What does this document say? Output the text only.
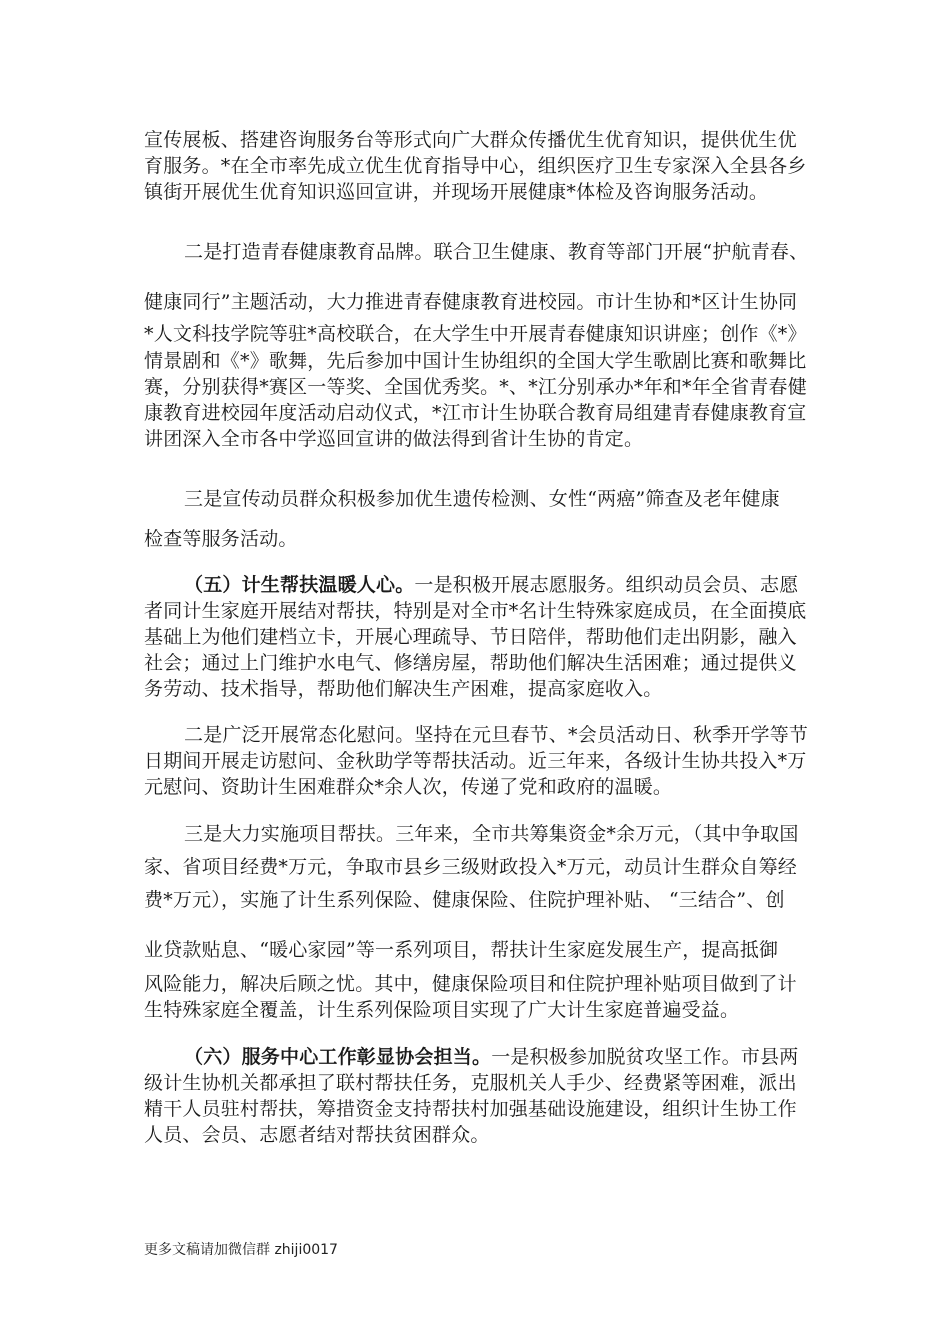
宣传展板、搭建咨询服务台等形式向广大群众传播优生优育知识，提供优生优
育服务。*在全市率先成立优生优育指导中心，组织医疗卫生专家深入全县各乡
镇街开展优生优育知识巡回宣讲，并现场开展健康*体检及咨询服务活动。
二是打造青春健康教育品牌。联合卫生健康、教育等部门开展“护航青春、
健康同行”主题活动，大力推进青春健康教育进校园。市计生协和*区计生协同
*人文科技学院等驻*高校联合，在大学生中开展青春健康知识讲座；创作《*》
情景剧和《*》歌舞，先后参加中国计生协组织的全国大学生歌剧比赛和歌舞比
赛，分别获得*赛区一等奖、全国优秀奖。*、*江分别承办*年和*年全省青春健
康教育进校园年度活动启动仪式，*江市计生协联合教育局组建青春健康教育宣
讲团深入全市各中学巡回宣讲的做法得到省计生协的肯定。
三是宣传动员群众积极参加优生遗传检测、女性“两癌”筛查及老年健康
检查等服务活动。
（五）计生帮扶温暖人心。一是积极开展志愿服务。组织动员会员、志愿
者同计生家庭开展结对帮扶，特别是对全市*名计生特殊家庭成员，在全面摸底
基础上为他们建档立卡，开展心理疏导、节日陪伴，帮助他们走出阴影，融入
社会；通过上门维护水电气、修缮房屋，帮助他们解决生活困难；通过提供义
务劳动、技术指导，帮助他们解决生产困难，提高家庭收入。
二是广泛开展常态化慰问。坚持在元旦春节、*会员活动日、秋季开学等节
日期间开展走访慰问、金秋助学等帮扶活动。近三年来，各级计生协共投入*万
元慰问、资助计生困难群众*余人次，传递了党和政府的温暖。
三是大力实施项目帮扶。三年来，全市共筹集资金*余万元，（其中争取国
家、省项目经费*万元，争取市县乡三级财政投入*万元，动员计生群众自筹经
费*万元），实施了计生系列保险、健康保险、住院护理补贴、 “三结合”、创
业贷款贴息、“暖心家园”等一系列项目，帮扶计生家庭发展生产，提高抵御
风险能力，解决后顾之忧。其中，健康保险项目和住院护理补贴项目做到了计
生特殊家庭全覆盖，计生系列保险项目实现了广大计生家庭普遍受益。
（六）服务中心工作彰显协会担当。一是积极参加脱贫攻坚工作。市县两
级计生协机关都承担了联村帮扶任务，克服机关人手少、经费紧等困难，派出
精干人员驻村帮扶，筹措资金支持帮扶村加强基础设施建设，组织计生协工作
人员、会员、志愿者结对帮扶贫困群众。
更多文稿请加微信群 zhiji0017
